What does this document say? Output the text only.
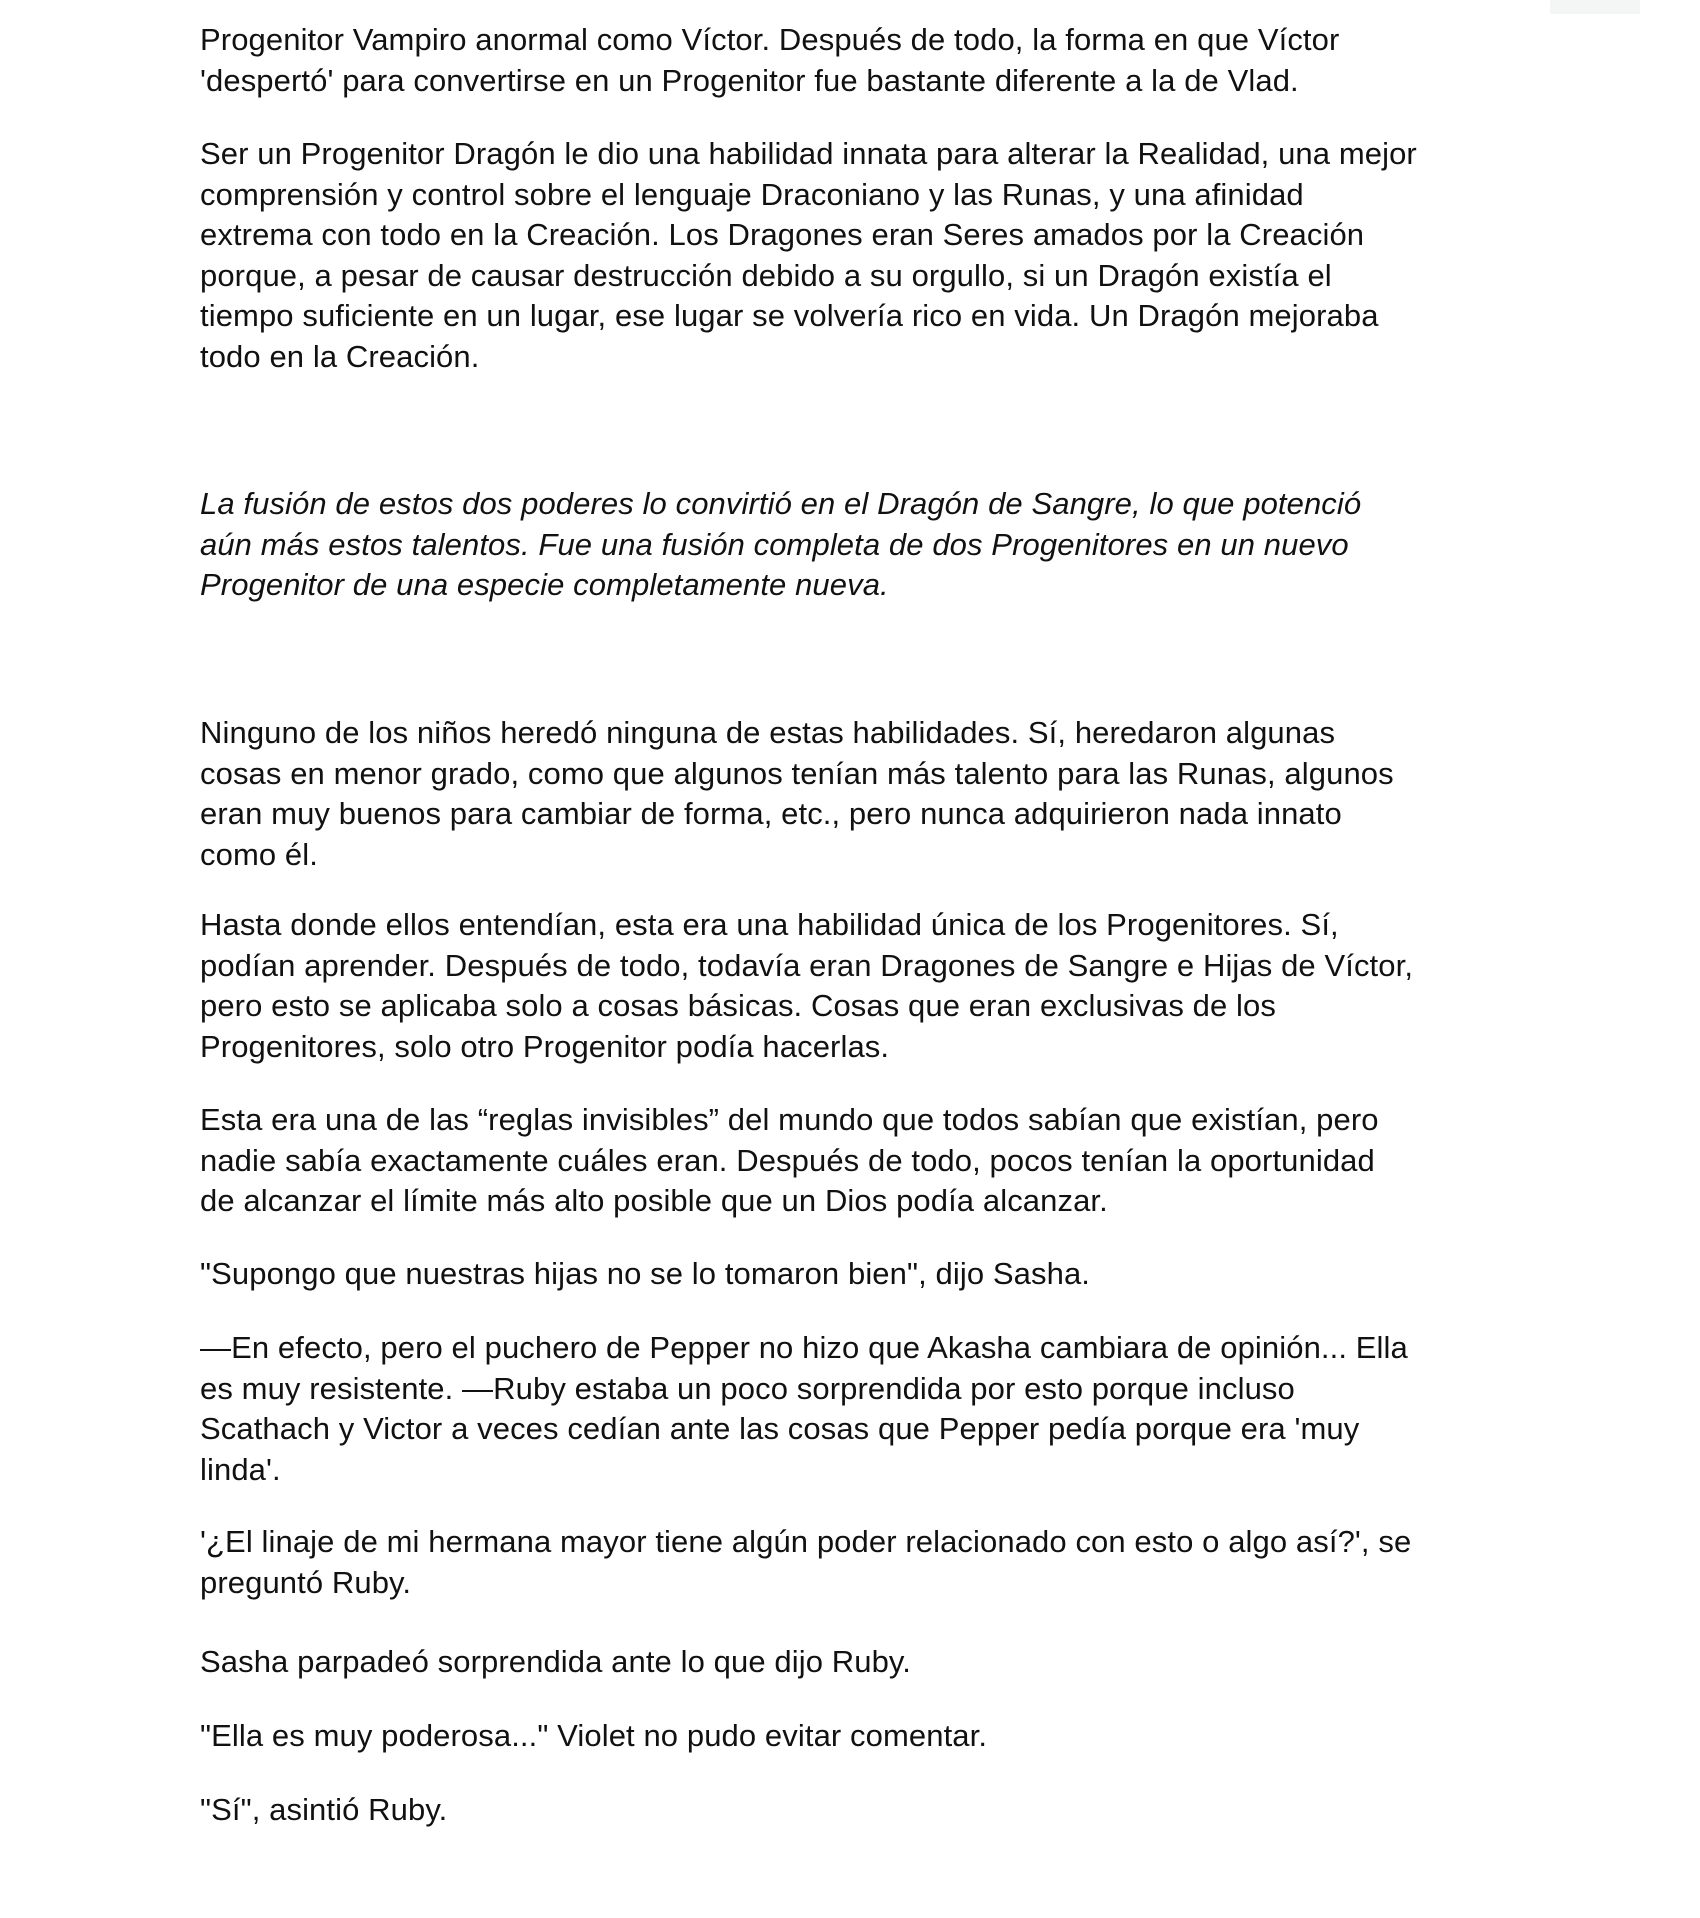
Progenitor Vampiro anormal como Víctor. Después de todo, la forma en que Víctor
'despertó' para convertirse en un Progenitor fue bastante diferente a la de Vlad.

Ser un Progenitor Dragón le dio una habilidad innata para alterar la Realidad, una mejor
comprensión y control sobre el lenguaje Draconiano y las Runas, y una afinidad
extrema con todo en la Creación. Los Dragones eran Seres amados por la Creación
porque, a pesar de causar destrucción debido a su orgullo, si un Dragón existía el
tiempo suficiente en un lugar, ese lugar se volvería rico en vida. Un Dragón mejoraba
todo en la Creación.

La fusión de estos dos poderes lo convirtió en el Dragón de Sangre, lo que potenció
aún más estos talentos. Fue una fusión completa de dos Progenitores en un nuevo
Progenitor de una especie completamente nueva.

Ninguno de los niños heredó ninguna de estas habilidades. Sí, heredaron algunas
cosas en menor grado, como que algunos tenían más talento para las Runas, algunos
eran muy buenos para cambiar de forma, etc., pero nunca adquirieron nada innato
como él.

Hasta donde ellos entendían, esta era una habilidad única de los Progenitores. Sí,
podían aprender. Después de todo, todavía eran Dragones de Sangre e Hijas de Víctor,
pero esto se aplicaba solo a cosas básicas. Cosas que eran exclusivas de los
Progenitores, solo otro Progenitor podía hacerlas.

Esta era una de las “reglas invisibles” del mundo que todos sabían que existían, pero
nadie sabía exactamente cuáles eran. Después de todo, pocos tenían la oportunidad
de alcanzar el límite más alto posible que un Dios podía alcanzar.

"Supongo que nuestras hijas no se lo tomaron bien", dijo Sasha.

—En efecto, pero el puchero de Pepper no hizo que Akasha cambiara de opinión... Ella
es muy resistente. —Ruby estaba un poco sorprendida por esto porque incluso
Scathach y Victor a veces cedían ante las cosas que Pepper pedía porque era 'muy
linda'.

'¿El linaje de mi hermana mayor tiene algún poder relacionado con esto o algo así?', se
preguntó Ruby.

Sasha parpadeó sorprendida ante lo que dijo Ruby.

"Ella es muy poderosa..." Violet no pudo evitar comentar.

"Sí", asintió Ruby.
